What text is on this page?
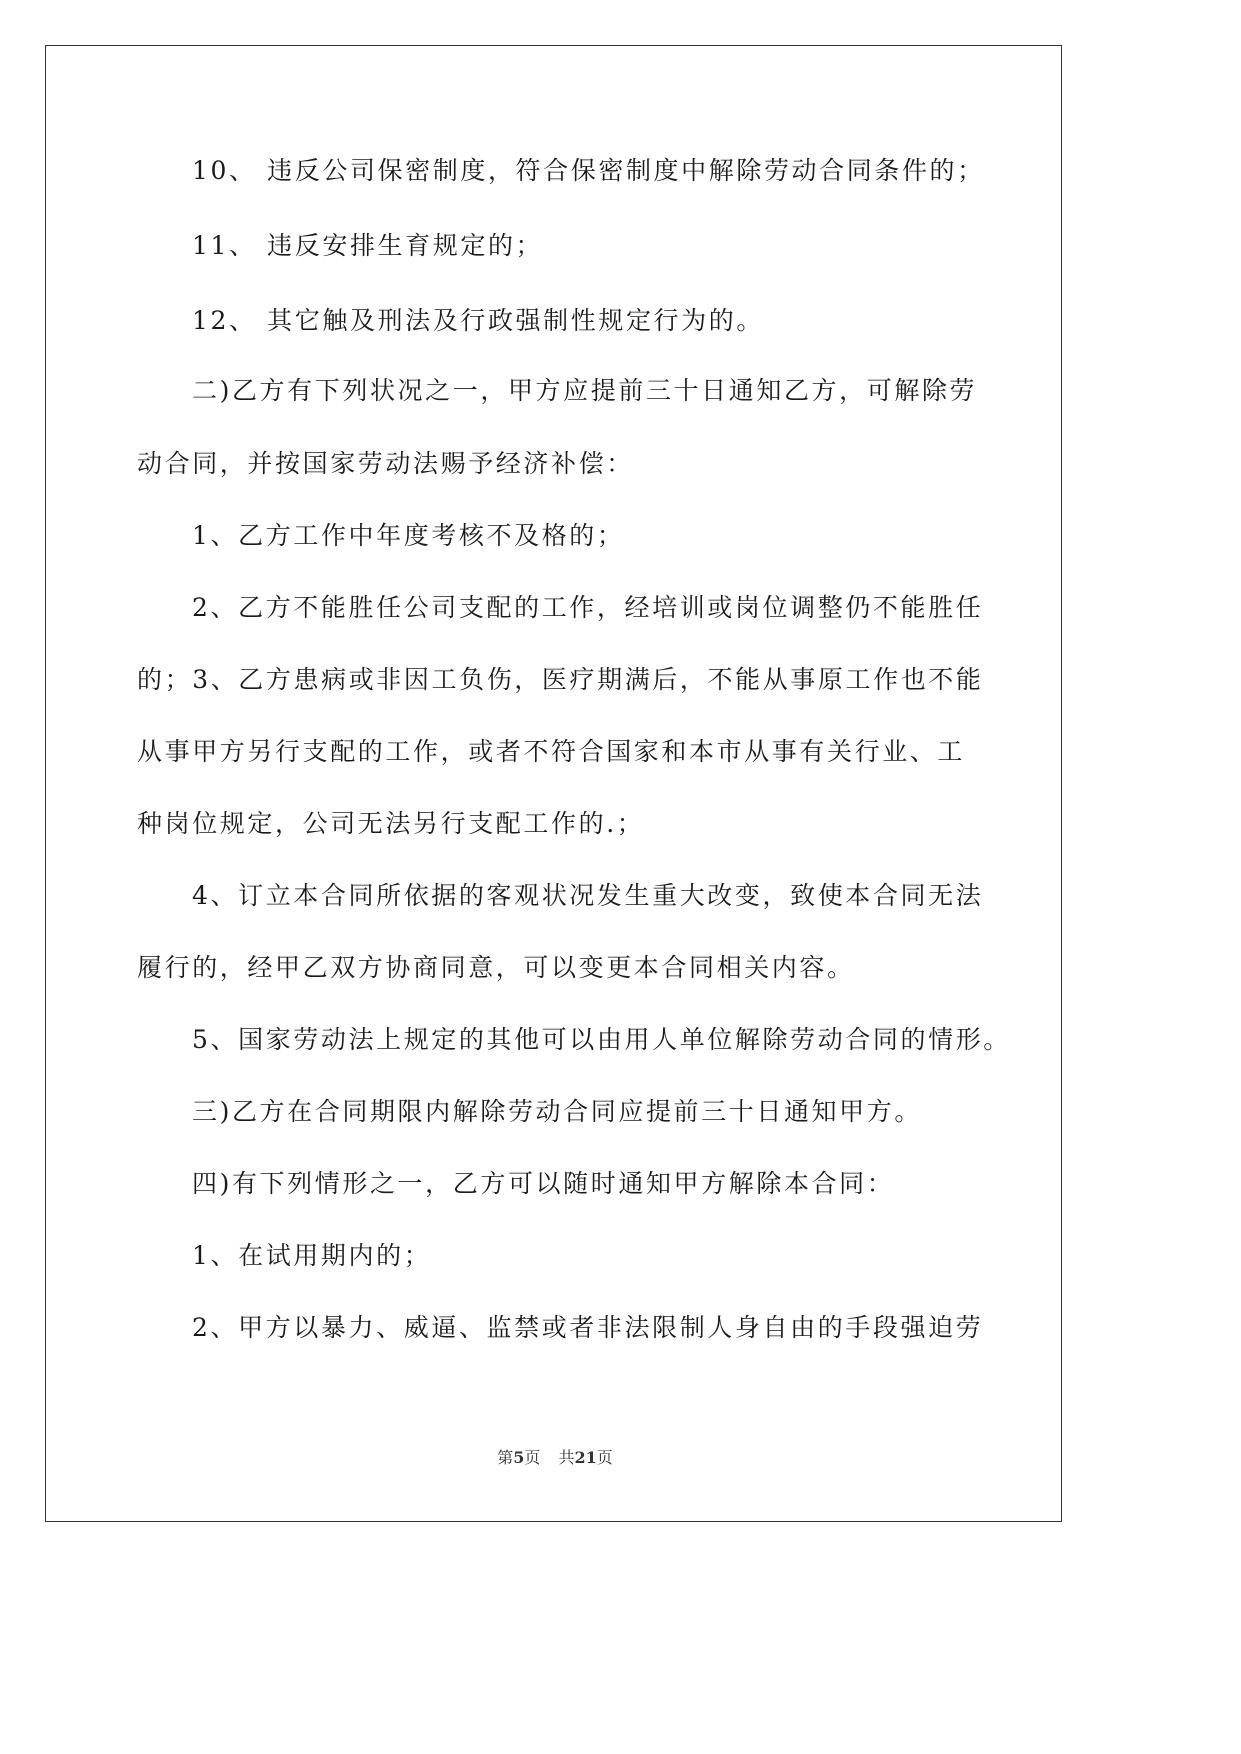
10、 违反公司保密制度，符合保密制度中解除劳动合同条件的；
11、 违反安排生育规定的；
12、 其它触及刑法及行政强制性规定行为的。
二)乙方有下列状况之一，甲方应提前三十日通知乙方，可解除劳
动合同，并按国家劳动法赐予经济补偿：
1、乙方工作中年度考核不及格的；
2、乙方不能胜任公司支配的工作，经培训或岗位调整仍不能胜任
的；3、乙方患病或非因工负伤，医疗期满后，不能从事原工作也不能
从事甲方另行支配的工作，或者不符合国家和本市从事有关行业、工
种岗位规定，公司无法另行支配工作的.；
4、订立本合同所依据的客观状况发生重大改变，致使本合同无法
履行的，经甲乙双方协商同意，可以变更本合同相关内容。
5、国家劳动法上规定的其他可以由用人单位解除劳动合同的情形。
三)乙方在合同期限内解除劳动合同应提前三十日通知甲方。
四)有下列情形之一，乙方可以随时通知甲方解除本合同：
1、在试用期内的；
2、甲方以暴力、威逼、监禁或者非法限制人身自由的手段强迫劳
第5页 共21页
